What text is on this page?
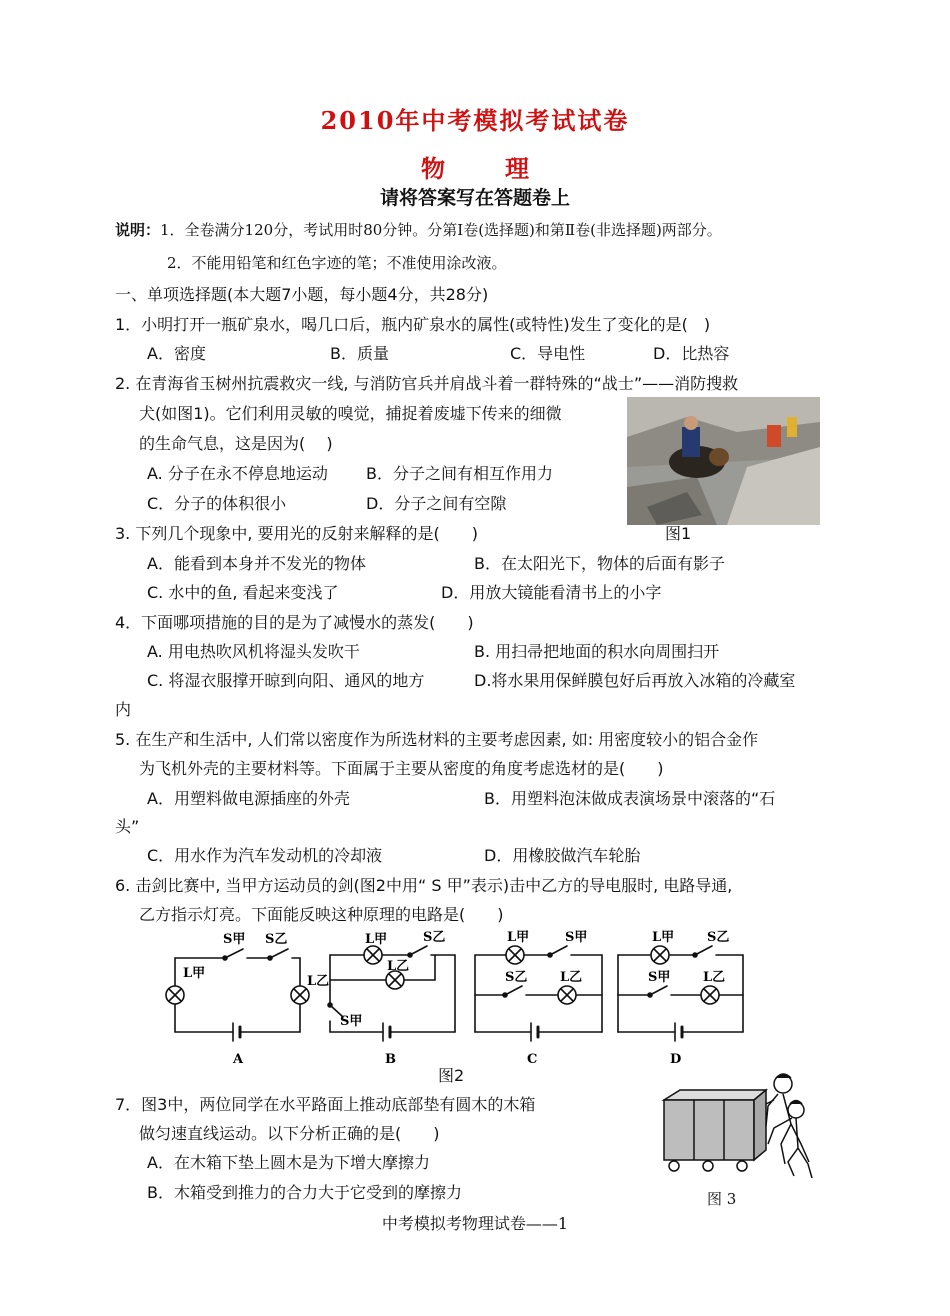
2010年中考模拟考试试卷
物　理
请将答案写在答题卷上
说明：1．全卷满分120分，考试用时80分钟。分第Ⅰ卷(选择题)和第Ⅱ卷(非选择题)两部分。
2．不能用铅笔和红色字迹的笔；不准使用涂改液。
一、单项选择题(本大题7小题，每小题4分，共28分)
1．小明打开一瓶矿泉水，喝几口后，瓶内矿泉水的属性(或特性)发生了变化的是(　)
A．密度	B．质量	C．导电性	D．比热容
2. 在青海省玉树州抗震救灾一线, 与消防官兵并肩战斗着一群特殊的“战士”——消防搜救
犬(如图1)。它们利用灵敏的嗅觉，捕捉着废墟下传来的细微
的生命气息，这是因为(　 )
A. 分子在永不停息地运动 B．分子之间有相互作用力
C．分子的体积很小	D．分子之间有空隙
图1
3. 下列几个现象中, 要用光的反射来解释的是(　　)
A．能看到本身并不发光的物体	B．在太阳光下，物体的后面有影子
C. 水中的鱼, 看起来变浅了	D．用放大镜能看清书上的小字
4．下面哪项措施的目的是为了减慢水的蒸发(　　)
A. 用电热吹风机将湿头发吹干	B. 用扫帚把地面的积水向周围扫开
C. 将湿衣服撑开晾到向阳、通风的地方	D.将水果用保鲜膜包好后再放入冰箱的冷藏室
内
5. 在生产和生活中, 人们常以密度作为所选材料的主要考虑因素, 如: 用密度较小的铝合金作
为飞机外壳的主要材料等。下面属于主要从密度的角度考虑选材的是(　　)
A．用塑料做电源插座的外壳	B．用塑料泡沫做成表演场景中滚落的“石
头”
C．用水作为汽车发动机的冷却液	D．用橡胶做汽车轮胎
6. 击剑比赛中, 当甲方运动员的剑(图2中用“ S 甲”表示)击中乙方的导电服时, 电路导通,
乙方指示灯亮。下面能反映这种原理的电路是(　　)
S甲 S乙
L甲
L乙
A
L甲	S乙
L乙
S甲
B
L甲	S甲
S乙	L乙
C
L甲	S乙
S甲	L乙
D
图2
7．图3中，两位同学在水平路面上推动底部垫有圆木的木箱
做匀速直线运动。以下分析正确的是(　　)
A．在木箱下垫上圆木是为下增大摩擦力
B．木箱受到推力的合力大于它受到的摩擦力	图 3
中考模拟考物理试卷——1
